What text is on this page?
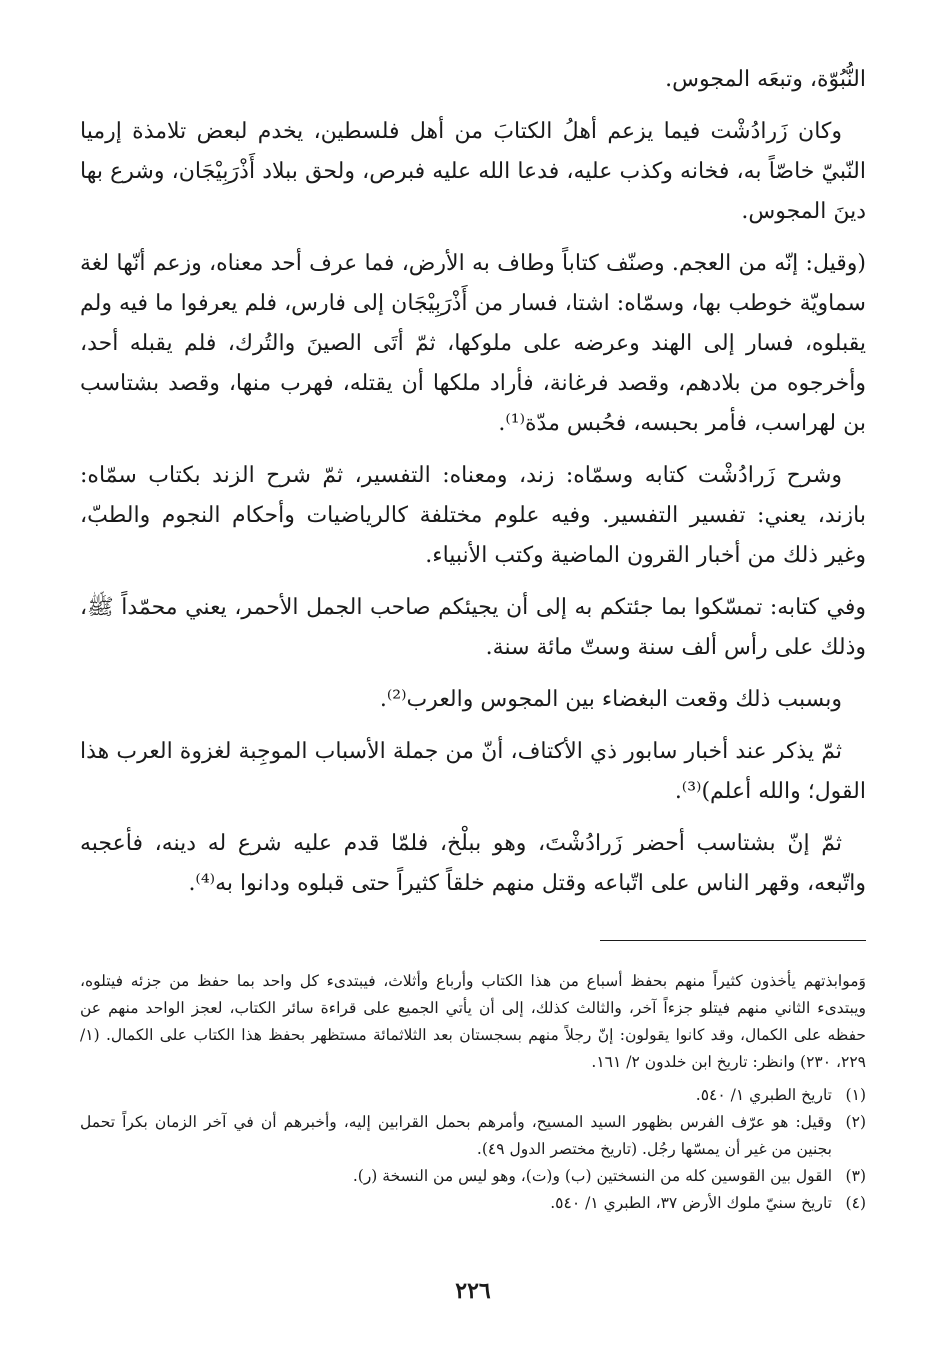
النُّبُوّة، وتبعَه المجوس.

وكان زَرادُشْت فيما يزعم أهلُ الكتابَ من أهل فلسطين، يخدم لبعض تلامذة إرميا النّبيّ خاصّاً به، فخانه وكذب عليه، فدعا الله عليه فبرص، ولحق ببلاد أَذْرَبِيْجَان، وشرع بها دينَ المجوس.

(وقيل: إنّه من العجم. وصنّف كتاباً وطاف به الأرض، فما عرف أحد معناه، وزعم أنّها لغة سماويّة خوطب بها، وسمّاه: اشتا، فسار من أَذْرَبِيْجَان إلى فارس، فلم يعرفوا ما فيه ولم يقبلوه، فسار إلى الهند وعرضه على ملوكها، ثمّ أتَى الصينَ والتُرك، فلم يقبله أحد، وأخرجوه من بلادهم، وقصد فرغانة، فأراد ملكها أن يقتله، فهرب منها، وقصد بشتاسب بن لهراسب، فأمر بحبسه، فحُبس مدّة⁽¹⁾.

وشرح زَرادُشْت كتابه وسمّاه: زند، ومعناه: التفسير، ثمّ شرح الزند بكتاب سمّاه: بازند، يعني: تفسير التفسير. وفيه علوم مختلفة كالرياضيات وأحكام النجوم والطبّ، وغير ذلك من أخبار القرون الماضية وكتب الأنبياء.

وفي كتابه: تمسّكوا بما جئتكم به إلى أن يجيئكم صاحب الجمل الأحمر، يعني محمّداً ﷺ، وذلك على رأس ألف سنة وستّ مائة سنة.

وبسبب ذلك وقعت البغضاء بين المجوس والعرب⁽²⁾.

ثمّ يذكر عند أخبار سابور ذي الأكتاف، أنّ من جملة الأسباب الموجِبة لغزوة العرب هذا القول؛ والله أعلم)⁽³⁾.

ثمّ إنّ بشتاسب أحضر زَرادُشْتَ، وهو ببلْخ، فلمّا قدم عليه شرع له دينه، فأعجبه واتّبعه، وقهر الناس على اتّباعه وقتل منهم خلقاً كثيراً حتى قبلوه ودانوا به⁽⁴⁾.

وَموابذتهم يأخذون كثيراً منهم بحفظ أسباع من هذا الكتاب وأرباع وأثلاث، فيبتدىء كل واحد بما حفظ من جزئه فيتلوه، ويبتدىء الثاني منهم فيتلو جزءاً آخر، والثالث كذلك، إلى أن يأتي الجميع على قراءة سائر الكتاب، لعجز الواحد منهم عن حفظه على الكمال، وقد كانوا يقولون: إنّ رجلاً منهم بسجستان بعد الثلاثمائة مستظهر بحفظ هذا الكتاب على الكمال. (١/ ٢٢٩، ٢٣٠) وانظر: تاريخ ابن خلدون ٢/ ١٦١.

(١)
تاريخ الطبري ١/ ٥٤٠.
(٢)
وقيل: هو عرّف الفرس بظهور السيد المسيح، وأمرهم بحمل القرابين إليه، وأخبرهم أن في آخر الزمان بكراً تحمل بجنين من غير أن يمسّها رجُل. (تاريخ مختصر الدول ٤٩).
(٣)
القول بين القوسين كله من النسختين (ب) و(ت)، وهو ليس من النسخة (ر).
(٤)
تاريخ سنيّ ملوك الأرض ٣٧، الطبري ١/ ٥٤٠.
٢٢٦
